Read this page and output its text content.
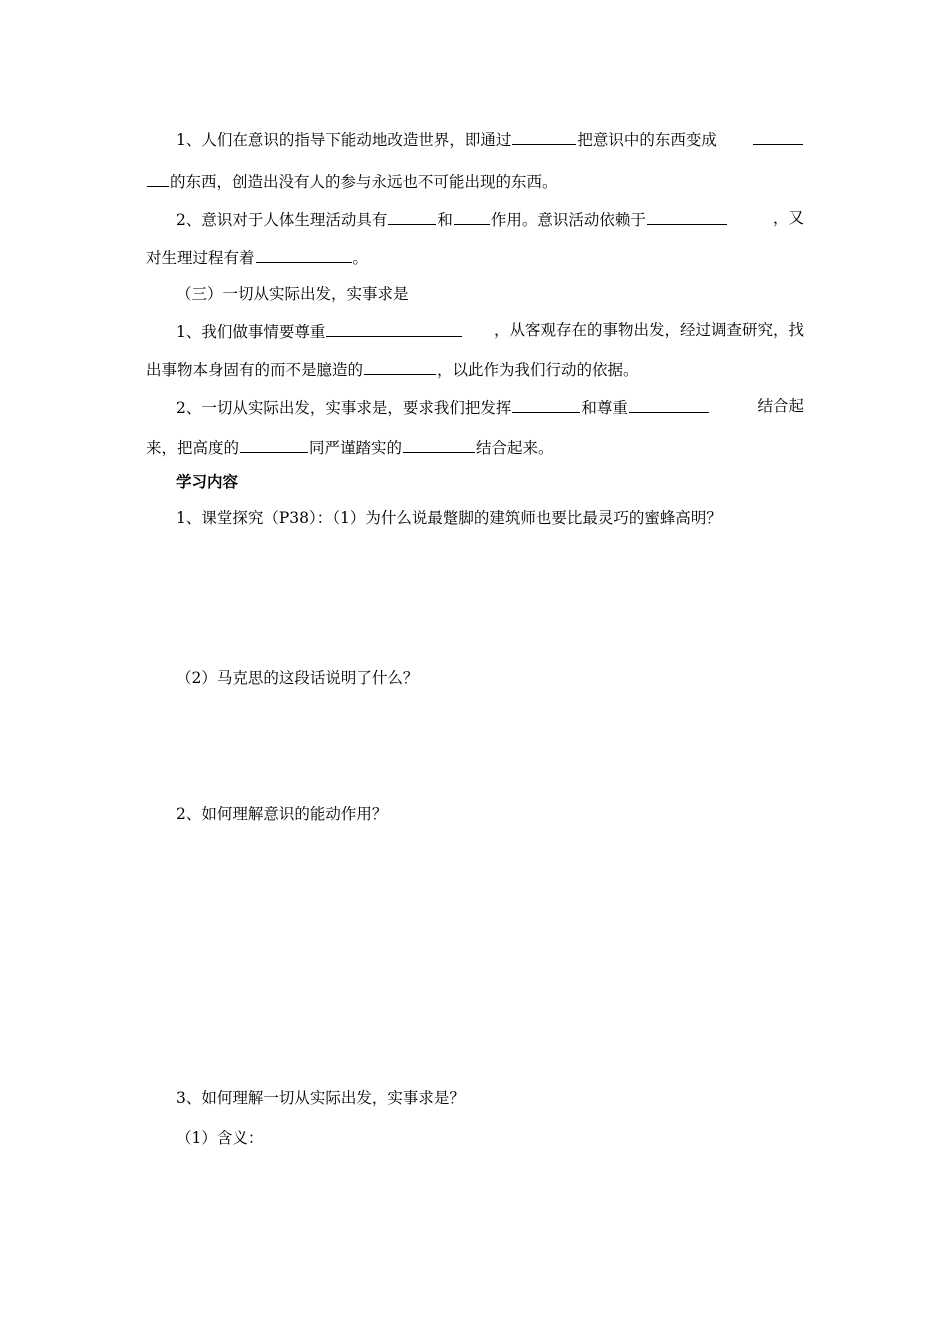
1、人们在意识的指导下能动地改造世界，即通过	把意识中的东西变成
的东西，创造出没有人的参与永远也不可能出现的东西。
2、意识对于人体生理活动具有	和 作用。意识活动依赖于	，又
对生理过程有着	。
（三）一切从实际出发，实事求是
1、我们做事情要尊重	，从客观存在的事物出发，经过调查研究，找
出事物本身固有的而不是臆造的	，以此作为我们行动的依据。
2、一切从实际出发，实事求是，要求我们把发挥	和尊重	结合起
来，把高度的	同严谨踏实的	结合起来。
学习内容
1、课堂探究（P38）：（1）为什么说最蹩脚的建筑师也要比最灵巧的蜜蜂高明？
（2）马克思的这段话说明了什么？
2、如何理解意识的能动作用？
3、如何理解一切从实际出发，实事求是？
（1）含义：
